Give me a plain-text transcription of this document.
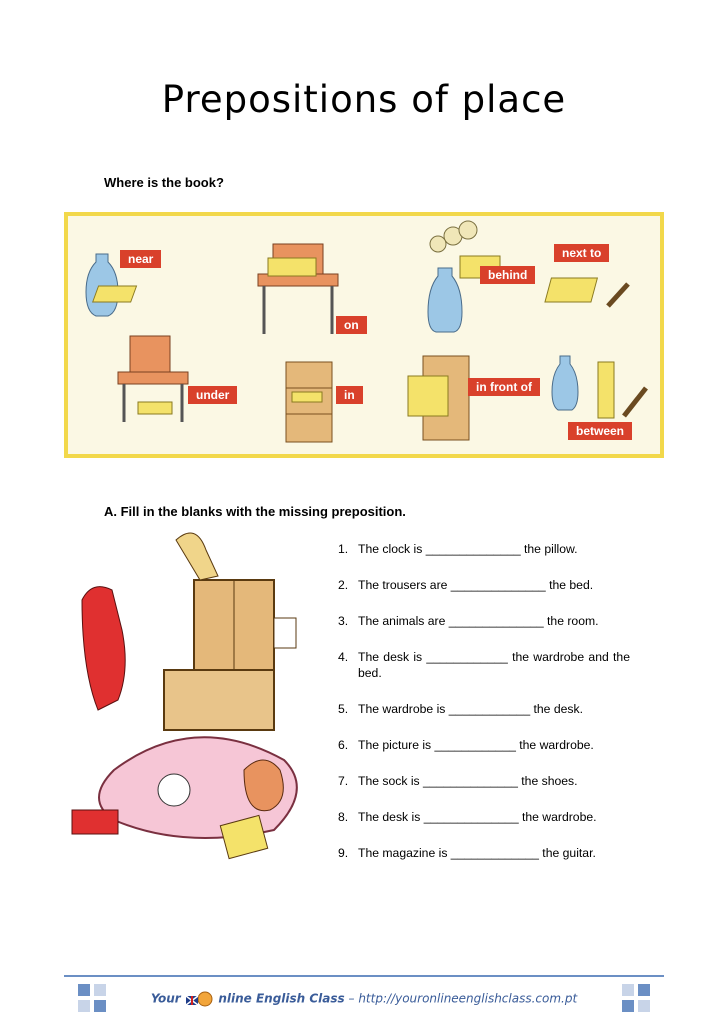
Prepositions of place
Where is the book?
near
on
under	in
behind
next to
in front of
between
A. Fill in the blanks with the missing preposition.
1. The clock is ______________ the pillow.
2. The trousers are ______________ the bed.
3. The animals are ______________ the room.
4. The desk is ____________ the wardrobe and the bed.
5. The wardrobe is ____________ the desk.
6. The picture is ____________ the wardrobe.
7. The sock is ______________ the shoes.
8. The desk is ______________ the wardrobe.
9. The magazine is _____________ the guitar.
Your	nline English Class – http://youronlineenglishclass.com.pt
